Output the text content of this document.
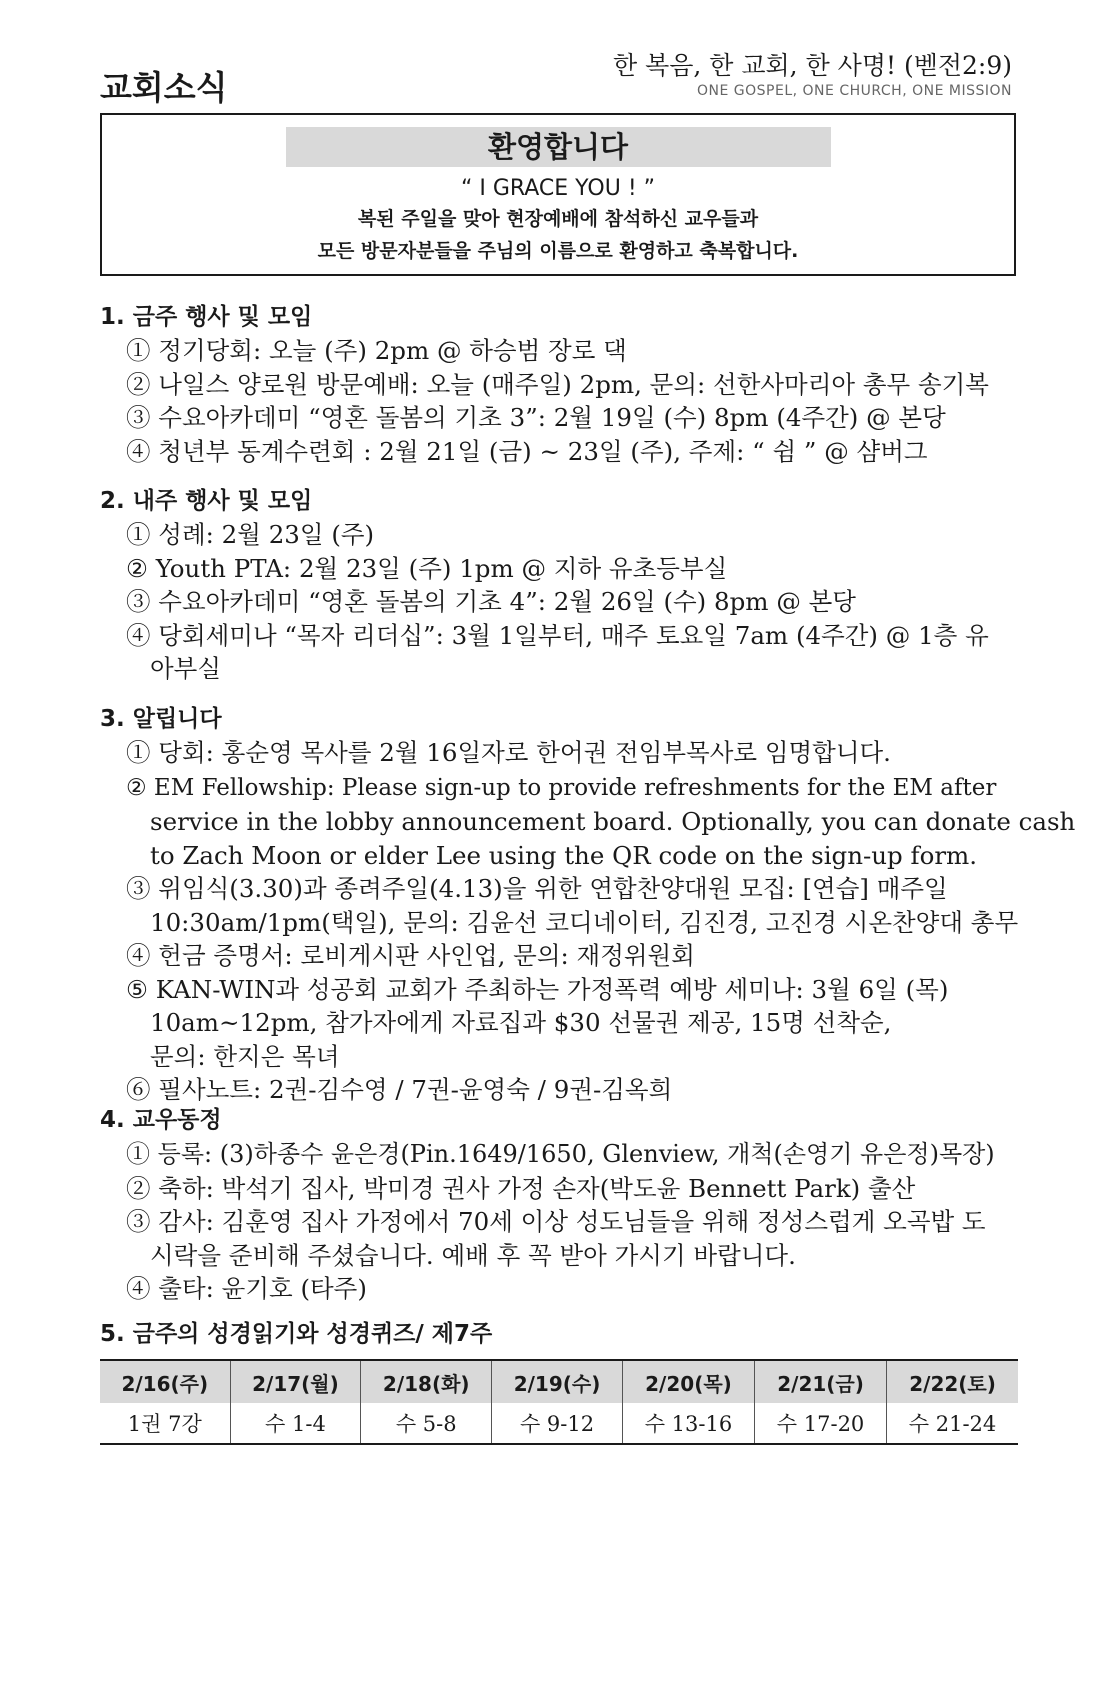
교회소식
한 복음, 한 교회, 한 사명! (벧전2:9)
ONE GOSPEL, ONE CHURCH, ONE MISSION
환영합니다
“ I GRACE YOU ! ”
복된 주일을 맞아 현장예배에 참석하신 교우들과
모든 방문자분들을 주님의 이름으로 환영하고 축복합니다.
1. 금주 행사 및 모임
① 정기당회: 오늘 (주) 2pm @ 하승범 장로 댁
② 나일스 양로원 방문예배: 오늘 (매주일) 2pm, 문의: 선한사마리아 총무 송기복
③ 수요아카데미 “영혼 돌봄의 기초 3”: 2월 19일 (수) 8pm (4주간) @ 본당
④ 청년부 동계수련회 : 2월 21일 (금) ~ 23일 (주), 주제: “ 쉼 ” @ 샴버그
2. 내주 행사 및 모임
① 성례: 2월 23일 (주)
② Youth PTA: 2월 23일 (주) 1pm @ 지하 유초등부실
③ 수요아카데미 “영혼 돌봄의 기초 4”: 2월 26일 (수) 8pm @ 본당
④ 당회세미나 “목자 리더십”: 3월 1일부터, 매주 토요일 7am (4주간) @ 1층 유
아부실
3. 알립니다
① 당회: 홍순영 목사를 2월 16일자로 한어권 전임부목사로 임명합니다.
② EM Fellowship: Please sign-up to provide refreshments for the EM after
service in the lobby announcement board. Optionally, you can donate cash
to Zach Moon or elder Lee using the QR code on the sign-up form.
③ 위임식(3.30)과 종려주일(4.13)을 위한 연합찬양대원 모집: [연습] 매주일
10:30am/1pm(택일), 문의: 김윤선 코디네이터, 김진경, 고진경 시온찬양대 총무
④ 헌금 증명서: 로비게시판 사인업, 문의: 재정위원회
⑤ KAN-WIN과 성공회 교회가 주최하는 가정폭력 예방 세미나: 3월 6일 (목)
10am~12pm, 참가자에게 자료집과 $30 선물권 제공, 15명 선착순,
문의: 한지은 목녀
⑥ 필사노트: 2권-김수영 / 7권-윤영숙 / 9권-김옥희
4. 교우동정
① 등록: (3)하종수 윤은경(Pin.1649/1650, Glenview, 개척(손영기 유은정)목장)
② 축하: 박석기 집사, 박미경 권사 가정 손자(박도윤 Bennett Park) 출산
③ 감사: 김훈영 집사 가정에서 70세 이상 성도님들을 위해 정성스럽게 오곡밥 도
시락을 준비해 주셨습니다. 예배 후 꼭 받아 가시기 바랍니다.
④ 출타: 윤기호 (타주)
5. 금주의 성경읽기와 성경퀴즈/ 제7주
2/16(주)	2/17(월)	2/18(화)	2/19(수)	2/20(목)	2/21(금)	2/22(토)
1권 7강	수 1-4	수 5-8	수 9-12	수 13-16	수 17-20	수 21-24
